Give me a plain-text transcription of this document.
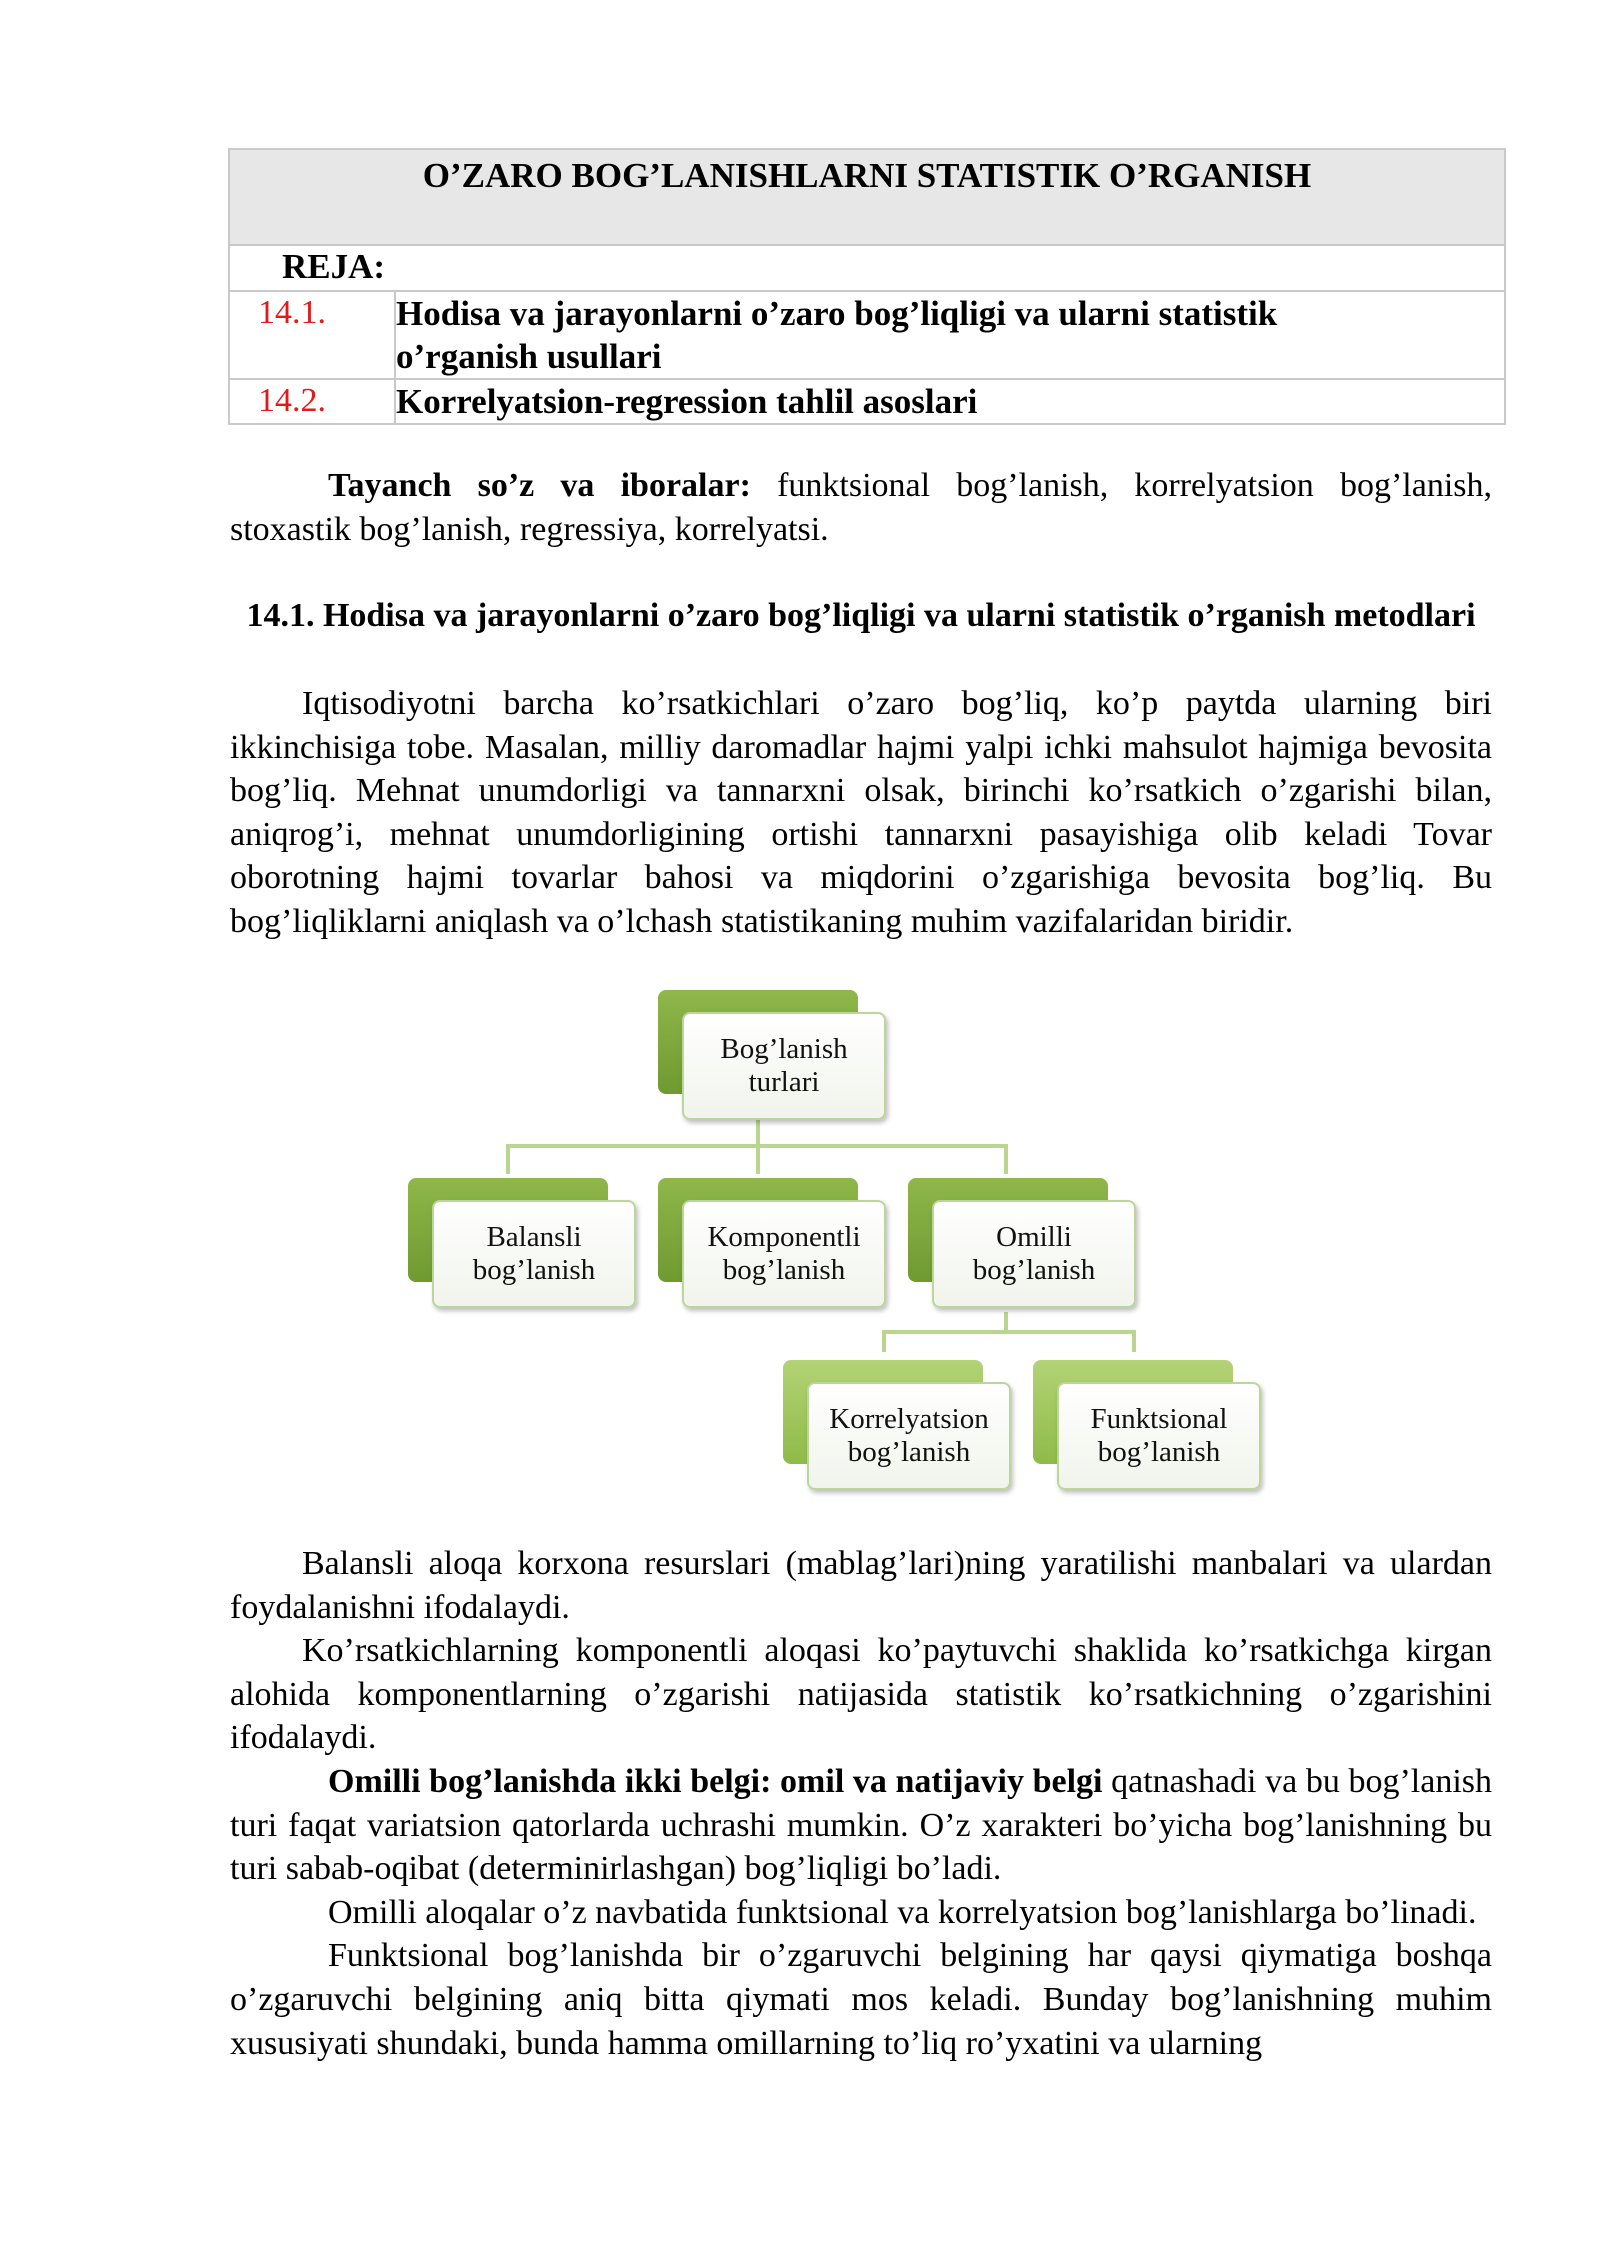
O’ZARO BOG’LANISHLARNI STATISTIK O’RGANISH	
REJA:	
14.1.	Hodisa va jarayonlarni o’zaro bog’liqligi va ularni statistik o’rganish usullari
14.2.	Korrelyatsion-regression tahlil asoslari

Tayanch so’z va iboralar: funktsional bog’lanish, korrelyatsion bog’lanish, stoxastik bog’lanish, regressiya, korrelyatsi.

14.1. Hodisa va jarayonlarni o’zaro bog’liqligi va ularni statistik o’rganish metodlari

Iqtisodiyotni barcha ko’rsatkichlari o’zaro bog’liq, ko’p paytda ularning biri ikkinchisiga tobe. Masalan, milliy daromadlar hajmi yalpi ichki mahsulot hajmiga bevosita bog’liq. Mehnat unumdorligi va tannarxni olsak, birinchi ko’rsatkich o’zgarishi bilan, aniqrog’i, mehnat unumdorligining ortishi tannarxni pasayishiga olib keladi Tovar oborotning hajmi tovarlar bahosi va miqdorini o’zgarishiga bevosita bog’liq. Bu bog’liqliklarni aniqlash va o’lchash statistikaning muhim vazifalaridan biridir.

Bog’lanish turlari
Balansli bog’lanish
Komponentli bog’lanish
Omilli bog’lanish
Korrelyatsion bog’lanish
Funktsional bog’lanish

Balansli aloqa korxona resurslari (mablag’lari)ning yaratilishi manbalari va ulardan foydalanishni ifodalaydi.

Ko’rsatkichlarning komponentli aloqasi ko’paytuvchi shaklida ko’rsatkichga kirgan alohida komponentlarning o’zgarishi natijasida statistik ko’rsatkichning o’zgarishini ifodalaydi.

Omilli bog’lanishda ikki belgi: omil va natijaviy belgi qatnashadi va bu bog’lanish turi faqat variatsion qatorlarda uchrashi mumkin. O’z xarakteri bo’yicha bog’lanishning bu turi sabab-oqibat (determinirlashgan) bog’liqligi bo’ladi.

Omilli aloqalar o’z navbatida funktsional va korrelyatsion bog’lanishlarga bo’linadi.

Funktsional bog’lanishda bir o’zgaruvchi belgining har qaysi qiymatiga boshqa o’zgaruvchi belgining aniq bitta qiymati mos keladi. Bunday bog’lanishning muhim xususiyati shundaki, bunda hamma omillarning to’liq ro’yxatini va ularning
